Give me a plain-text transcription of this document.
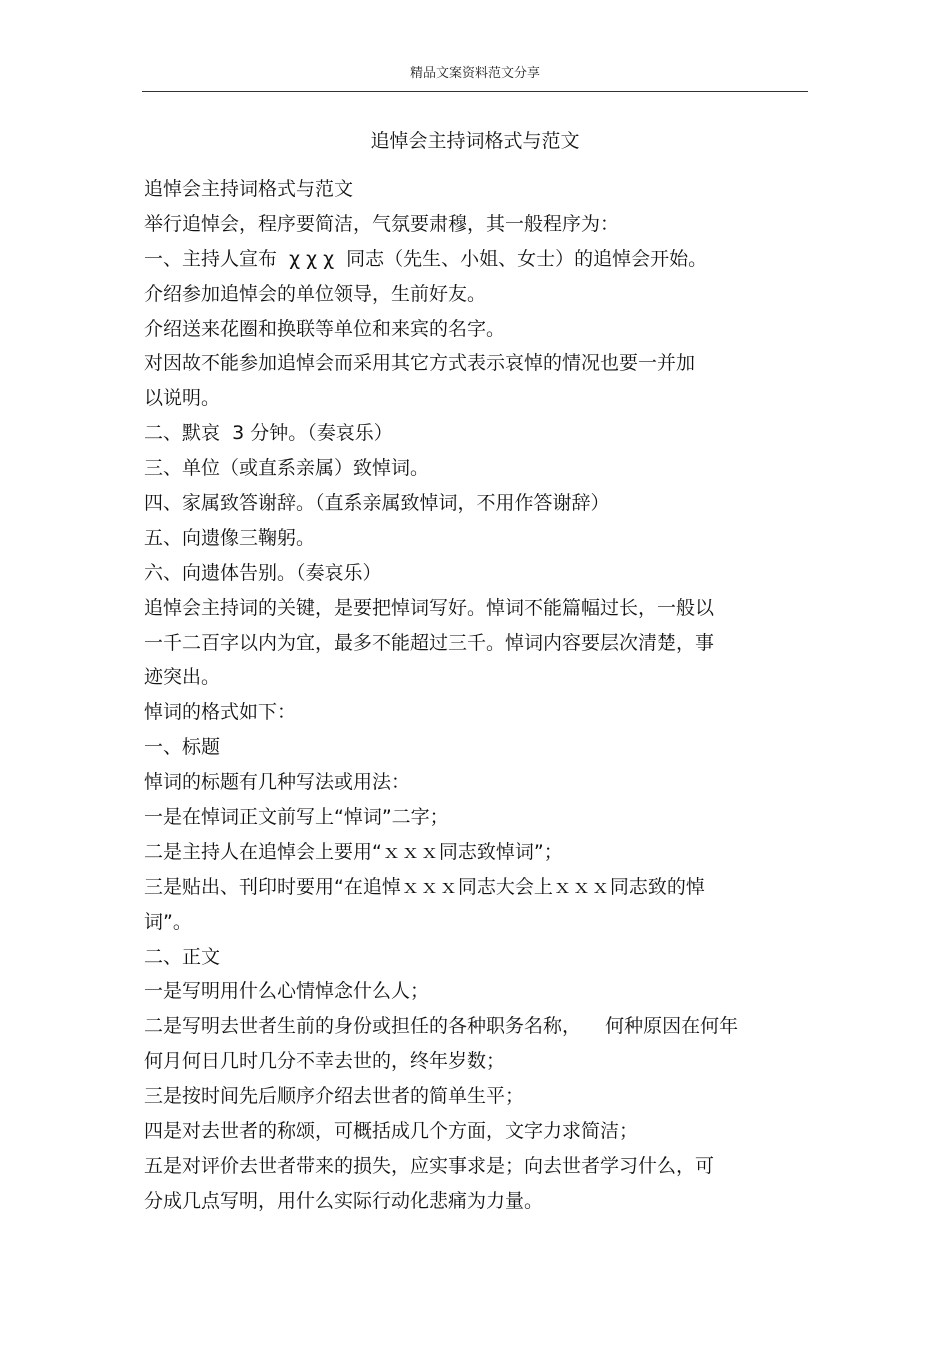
精品文案资料范文分享
追悼会主持词格式与范文
追悼会主持词格式与范文
举行追悼会，程序要简洁，气氛要肃穆，其一般程序为：
一、主持人宣布  χ χ χ  同志（先生、小姐、女士）的追悼会开始。
介绍参加追悼会的单位领导，生前好友。
介绍送来花圈和换联等单位和来宾的名字。
对因故不能参加追悼会而采用其它方式表示哀悼的情况也要一并加
以说明。
二、默哀  3 分钟。（奏哀乐）
三、单位（或直系亲属）致悼词。
四、家属致答谢辞。（直系亲属致悼词，不用作答谢辞）
五、向遗像三鞠躬。
六、向遗体告别。（奏哀乐）
追悼会主持词的关键，是要把悼词写好。悼词不能篇幅过长，一般以
一千二百字以内为宜，最多不能超过三千。悼词内容要层次清楚，事
迹突出。
悼词的格式如下：
一、标题
悼词的标题有几种写法或用法：
一是在悼词正文前写上“悼词”二字；
二是主持人在追悼会上要用“ｘｘｘ同志致悼词”；
三是贴出、刊印时要用“在追悼ｘｘｘ同志大会上ｘｘｘ同志致的悼
词”。
二、正文
一是写明用什么心情悼念什么人；
二是写明去世者生前的身份或担任的各种职务名称，    何种原因在何年
何月何日几时几分不幸去世的，终年岁数；
三是按时间先后顺序介绍去世者的简单生平；
四是对去世者的称颂，可概括成几个方面，文字力求简洁；
五是对评价去世者带来的损失，应实事求是；向去世者学习什么，可
分成几点写明，用什么实际行动化悲痛为力量。
